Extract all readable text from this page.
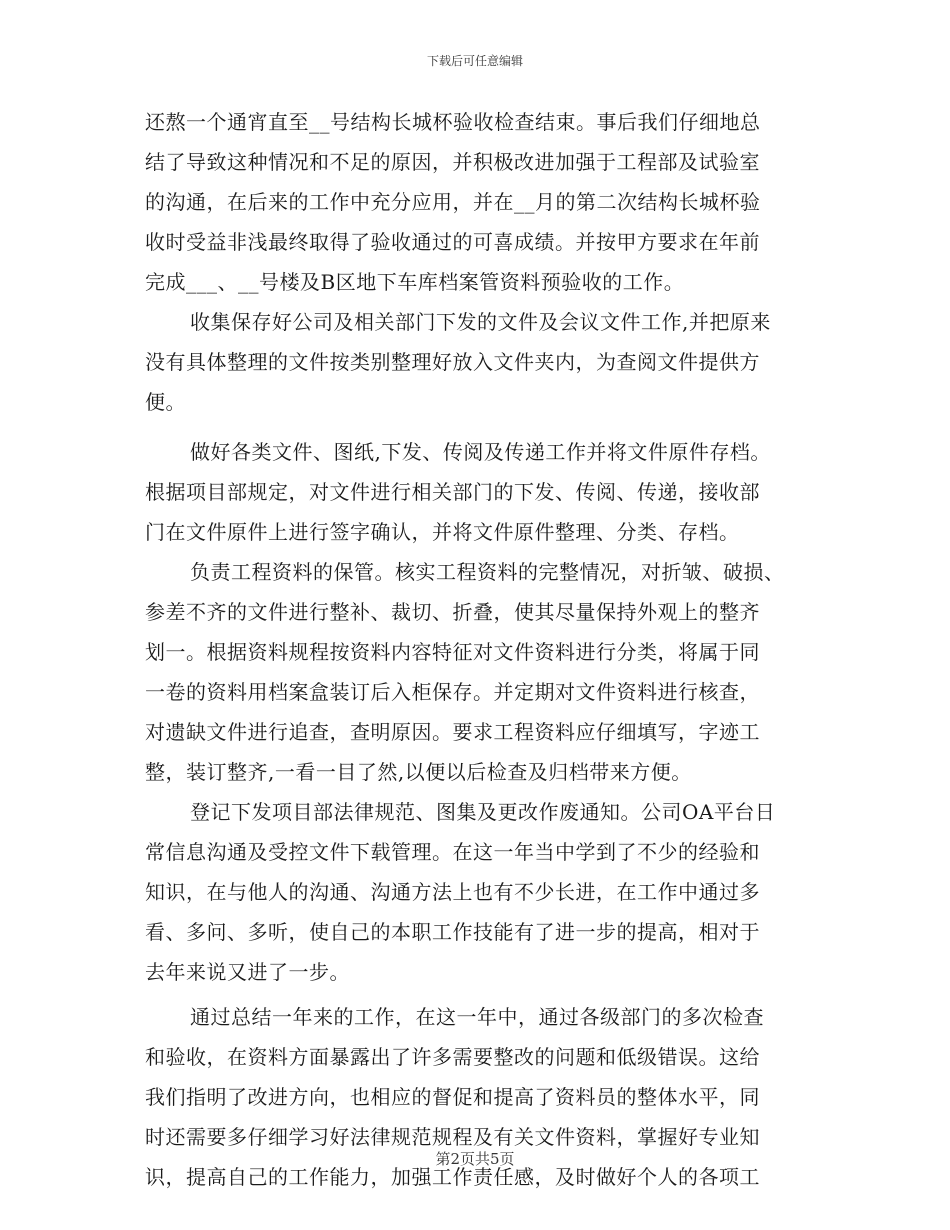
下载后可任意编辑
还熬一个通宵直至__号结构长城杯验收检查结束。事后我们仔细地总
结了导致这种情况和不足的原因，并积极改进加强于工程部及试验室
的沟通，在后来的工作中充分应用，并在__月的第二次结构长城杯验
收时受益非浅最终取得了验收通过的可喜成绩。并按甲方要求在年前
完成___、__号楼及B区地下车库档案管资料预验收的工作。
收集保存好公司及相关部门下发的文件及会议文件工作,并把原来
没有具体整理的文件按类别整理好放入文件夹内，为查阅文件提供方
便。
做好各类文件、图纸,下发、传阅及传递工作并将文件原件存档。
根据项目部规定，对文件进行相关部门的下发、传阅、传递，接收部
门在文件原件上进行签字确认，并将文件原件整理、分类、存档。
负责工程资料的保管。核实工程资料的完整情况，对折皱、破损、
参差不齐的文件进行整补、裁切、折叠，使其尽量保持外观上的整齐
划一。根据资料规程按资料内容特征对文件资料进行分类，将属于同
一卷的资料用档案盒装订后入柜保存。并定期对文件资料进行核查，
对遗缺文件进行追查，查明原因。要求工程资料应仔细填写，字迹工
整，装订整齐,一看一目了然,以便以后检查及归档带来方便。
登记下发项目部法律规范、图集及更改作废通知。公司OA平台日
常信息沟通及受控文件下载管理。在这一年当中学到了不少的经验和
知识，在与他人的沟通、沟通方法上也有不少长进，在工作中通过多
看、多问、多听，使自己的本职工作技能有了进一步的提高，相对于
去年来说又进了一步。
通过总结一年来的工作，在这一年中，通过各级部门的多次检查
和验收，在资料方面暴露出了许多需要整改的问题和低级错误。这给
我们指明了改进方向，也相应的督促和提高了资料员的整体水平，同
时还需要多仔细学习好法律规范规程及有关文件资料，掌握好专业知
识，提高自己的工作能力，加强工作责任感，及时做好个人的各项工
第2页共5页
